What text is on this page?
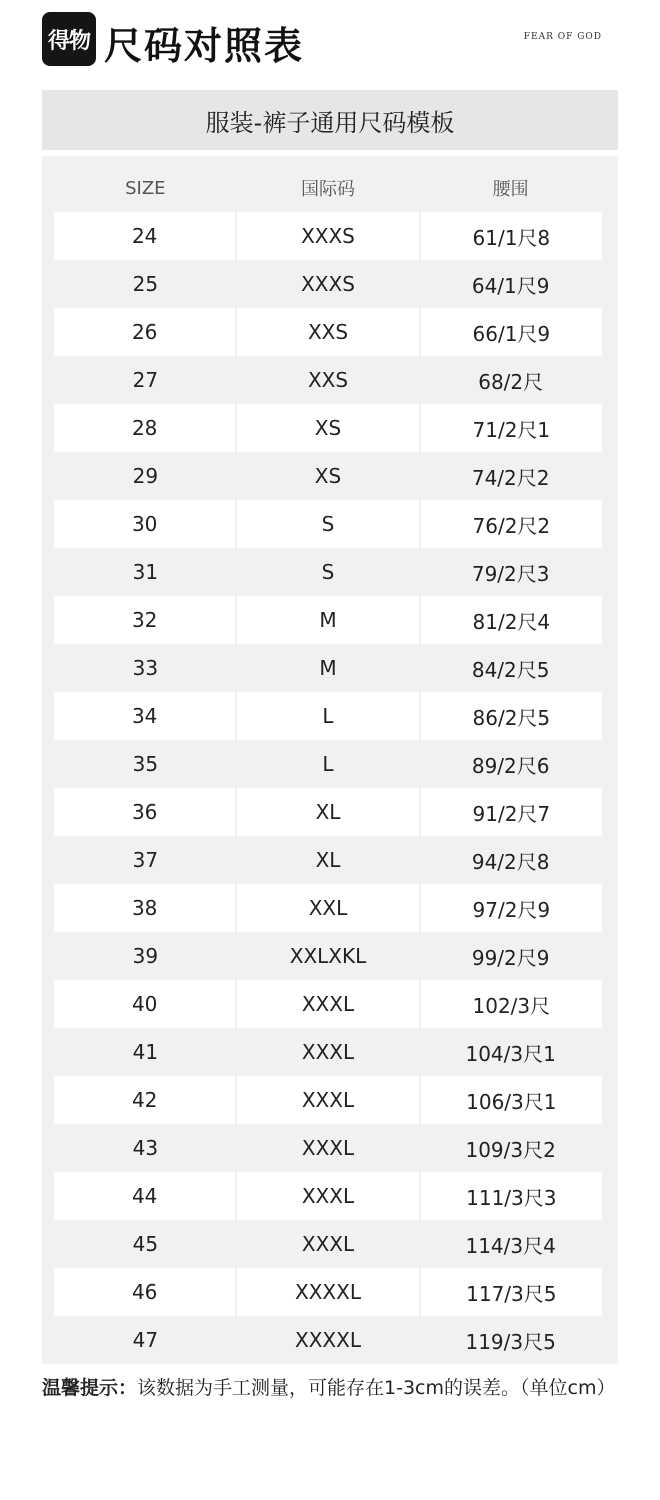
得物 尺码对照表	FEAR OF GOD
服装-裤子通用尺码模板
SIZE	国际码	腰围
24	XXXS	61/1尺8
25	XXXS	64/1尺9
26	XXS	66/1尺9
27	XXS	68/2尺
28	XS	71/2尺1
29	XS	74/2尺2
30	S	76/2尺2
31	S	79/2尺3
32	M	81/2尺4
33	M	84/2尺5
34	L	86/2尺5
35	L	89/2尺6
36	XL	91/2尺7
37	XL	94/2尺8
38	XXL	97/2尺9
39	XXLXKL	99/2尺9
40	XXXL	102/3尺
41	XXXL	104/3尺1
42	XXXL	106/3尺1
43	XXXL	109/3尺2
44	XXXL	111/3尺3
45	XXXL	114/3尺4
46	XXXXL	117/3尺5
47	XXXXL	119/3尺5
温馨提示：该数据为手工测量，可能存在1-3cm的误差。（单位cm）
